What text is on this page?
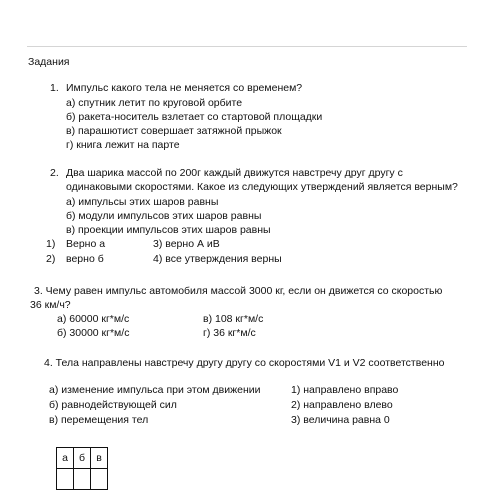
Задания
1. Импульс какого тела не меняется со временем?
а) спутник летит по круговой орбите
б) ракета-носитель взлетает со стартовой площадки
в) парашютист совершает затяжной прыжок
г) книга лежит на парте
2. Два шарика массой по 200г каждый движутся навстречу друг другу с
одинаковыми скоростями. Какое из следующих утверждений является верным?
а) импульсы этих шаров равны
б) модули импульсов этих шаров равны
в) проекции импульсов этих шаров равны
1) Верно а	3) верно А иВ
2) верно б	4) все утверждения верны
3. Чему равен импульс автомобиля массой 3000 кг, если он движется со скоростью
36 км/ч?
а) 60000 кг*м/с	в) 108 кг*м/с
б) 30000 кг*м/с	г) 36 кг*м/с
4. Тела направлены навстречу другу другу со скоростями V1 и V2 соответственно
а) изменение импульса при этом движении	1) направлено вправо
б) равнодействующей сил	2) направлено влево
в) перемещения тел	3) величина равна 0
а	б	в
